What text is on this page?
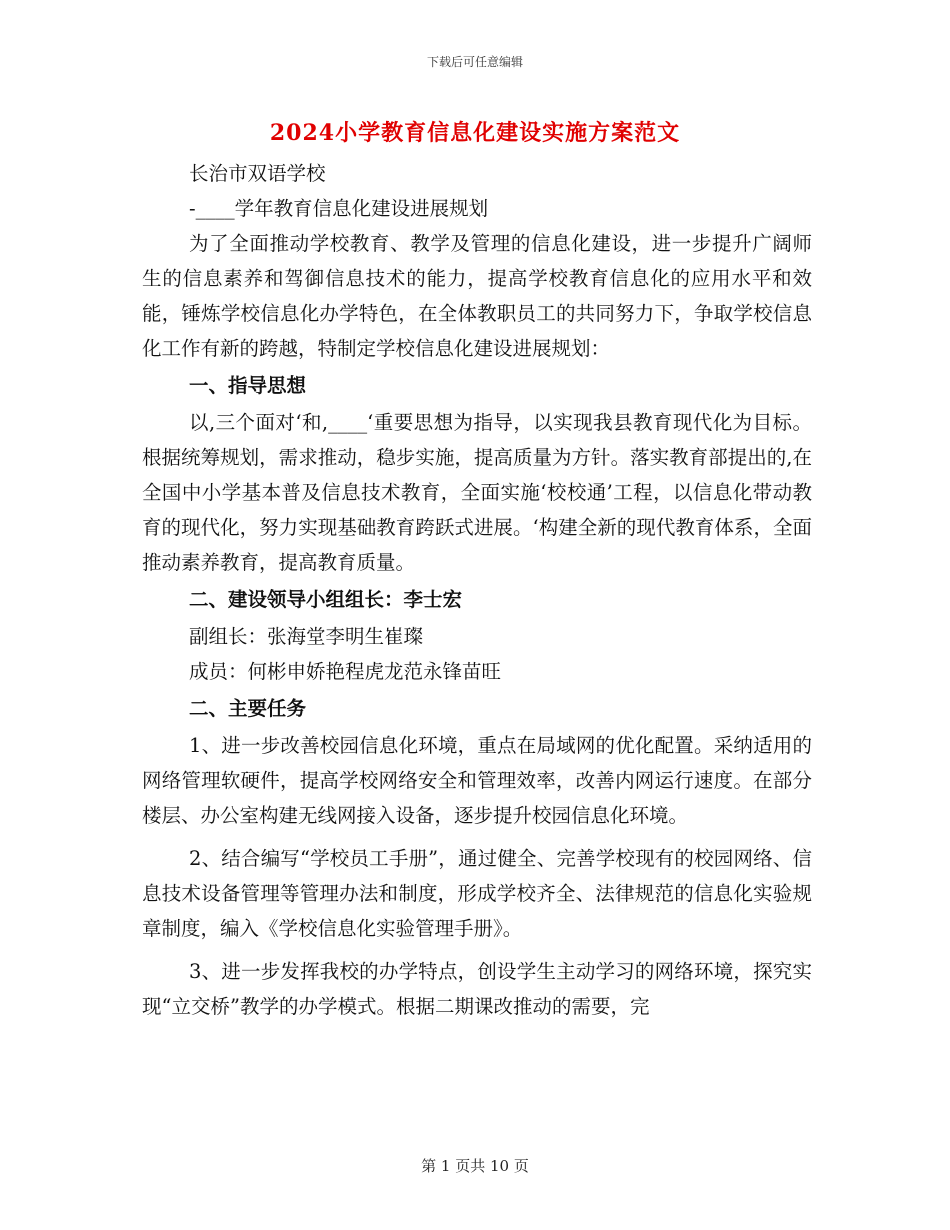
下载后可任意编辑
2024小学教育信息化建设实施方案范文

长治市双语学校

-____学年教育信息化建设进展规划

为了全面推动学校教育、教学及管理的信息化建设，进一步提升广阔师生的信息素养和驾御信息技术的能力，提高学校教育信息化的应用水平和效能，锤炼学校信息化办学特色，在全体教职员工的共同努力下，争取学校信息化工作有新的跨越，特制定学校信息化建设进展规划：

一、指导思想

以,三个面对‘和,____‘重要思想为指导，以实现我县教育现代化为目标。根据统筹规划，需求推动，稳步实施，提高质量为方针。落实教育部提出的,在全国中小学基本普及信息技术教育，全面实施‘校校通’工程，以信息化带动教育的现代化，努力实现基础教育跨跃式进展。‘构建全新的现代教育体系，全面推动素养教育，提高教育质量。

二、建设领导小组组长：李士宏

副组长：张海堂李明生崔璨

成员：何彬申娇艳程虎龙范永锋苗旺

二、主要任务

1、进一步改善校园信息化环境，重点在局域网的优化配置。采纳适用的网络管理软硬件，提高学校网络安全和管理效率，改善内网运行速度。在部分楼层、办公室构建无线网接入设备，逐步提升校园信息化环境。

2、结合编写“学校员工手册”，通过健全、完善学校现有的校园网络、信息技术设备管理等管理办法和制度，形成学校齐全、法律规范的信息化实验规章制度，编入《学校信息化实验管理手册》。

3、进一步发挥我校的办学特点，创设学生主动学习的网络环境，探究实现“立交桥”教学的办学模式。根据二期课改推动的需要，完

第 1 页共 10 页
